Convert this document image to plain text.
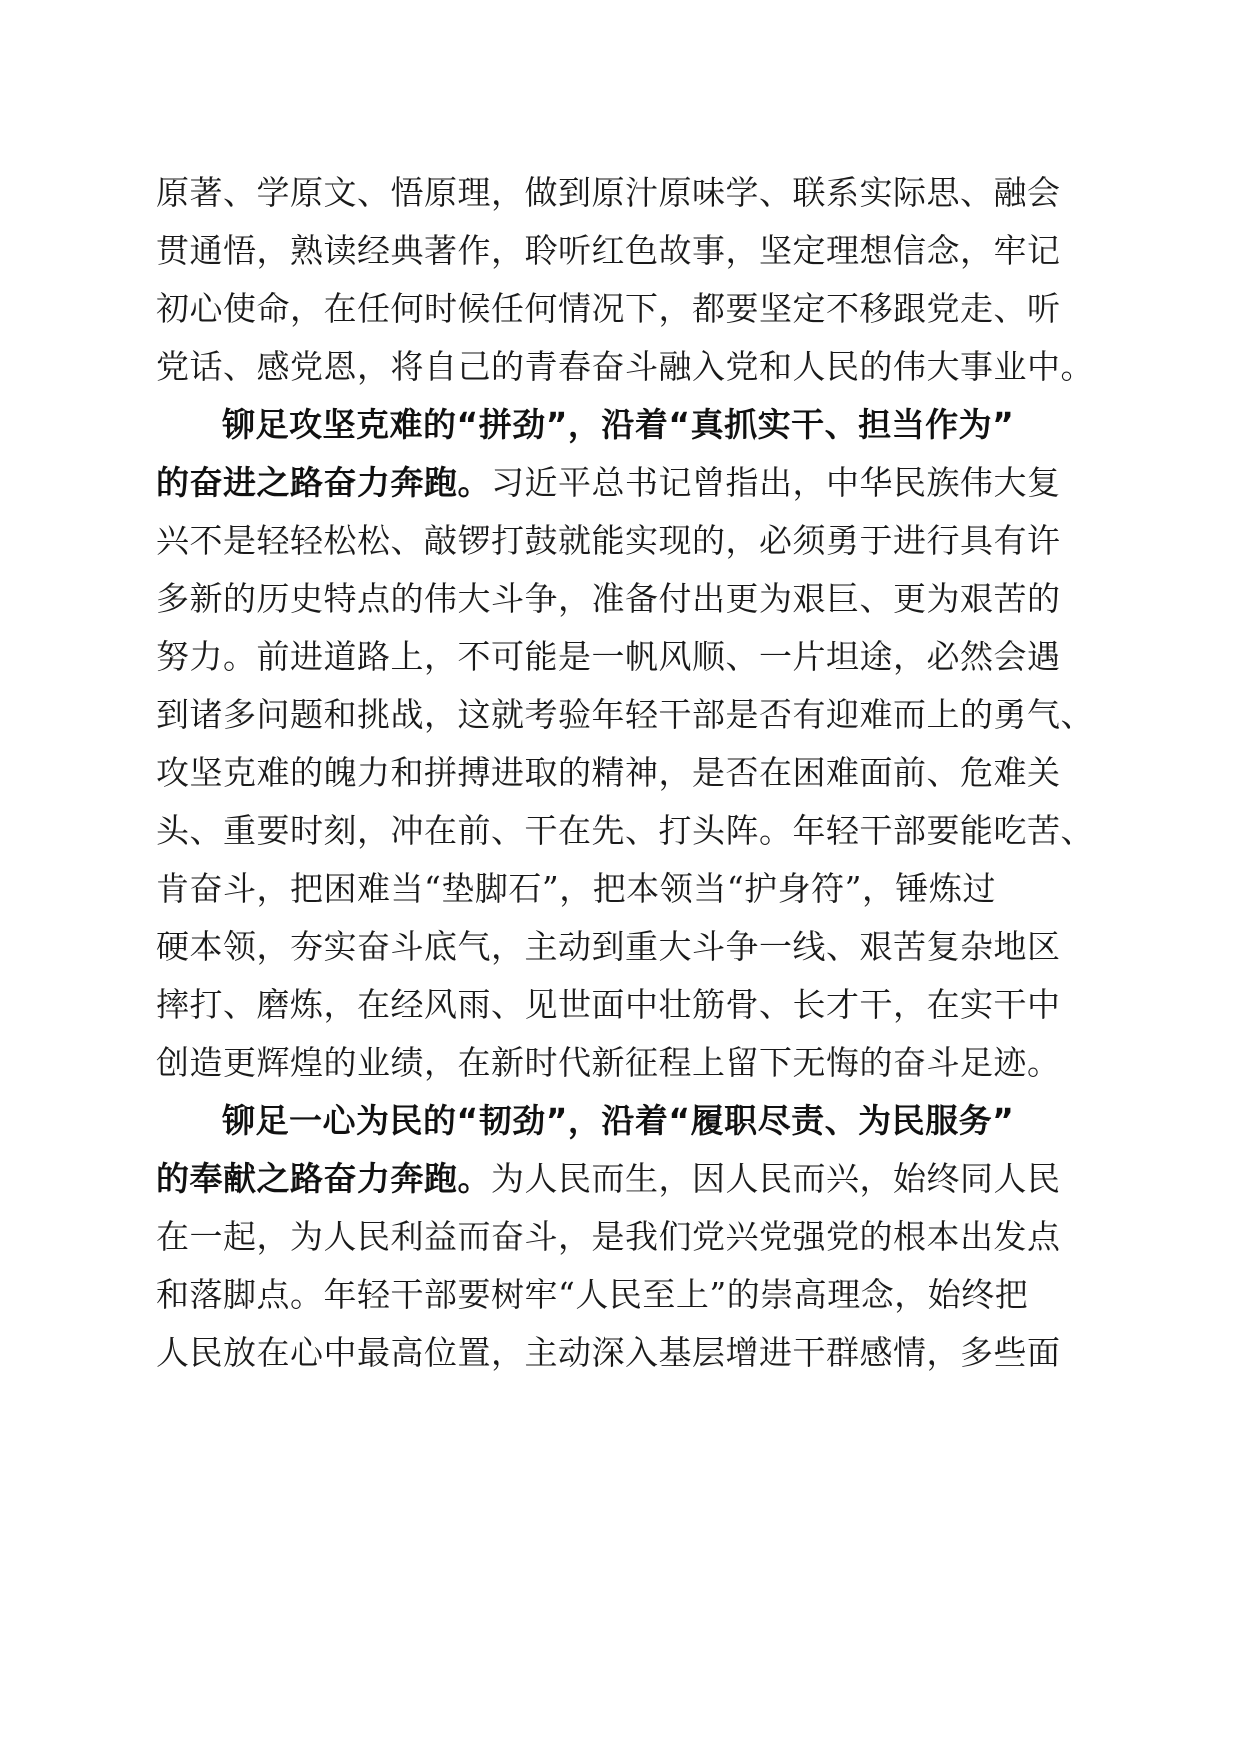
原著、学原文、悟原理，做到原汁原味学、联系实际思、融会
贯通悟，熟读经典著作，聆听红色故事，坚定理想信念，牢记
初心使命，在任何时候任何情况下，都要坚定不移跟党走、听
党话、感党恩，将自己的青春奋斗融入党和人民的伟大事业中。
铆足攻坚克难的“拼劲”，沿着“真抓实干、担当作为”
的奋进之路奋力奔跑。习近平总书记曾指出，中华民族伟大复
兴不是轻轻松松、敲锣打鼓就能实现的，必须勇于进行具有许
多新的历史特点的伟大斗争，准备付出更为艰巨、更为艰苦的
努力。前进道路上，不可能是一帆风顺、一片坦途，必然会遇
到诸多问题和挑战，这就考验年轻干部是否有迎难而上的勇气、
攻坚克难的魄力和拼搏进取的精神，是否在困难面前、危难关
头、重要时刻，冲在前、干在先、打头阵。年轻干部要能吃苦、
肯奋斗，把困难当“垫脚石”，把本领当“护身符”，锤炼过
硬本领，夯实奋斗底气，主动到重大斗争一线、艰苦复杂地区
摔打、磨炼，在经风雨、见世面中壮筋骨、长才干，在实干中
创造更辉煌的业绩，在新时代新征程上留下无悔的奋斗足迹。
铆足一心为民的“韧劲”，沿着“履职尽责、为民服务”
的奉献之路奋力奔跑。为人民而生，因人民而兴，始终同人民
在一起，为人民利益而奋斗，是我们党兴党强党的根本出发点
和落脚点。年轻干部要树牢“人民至上”的崇高理念，始终把
人民放在心中最高位置，主动深入基层增进干群感情，多些面
